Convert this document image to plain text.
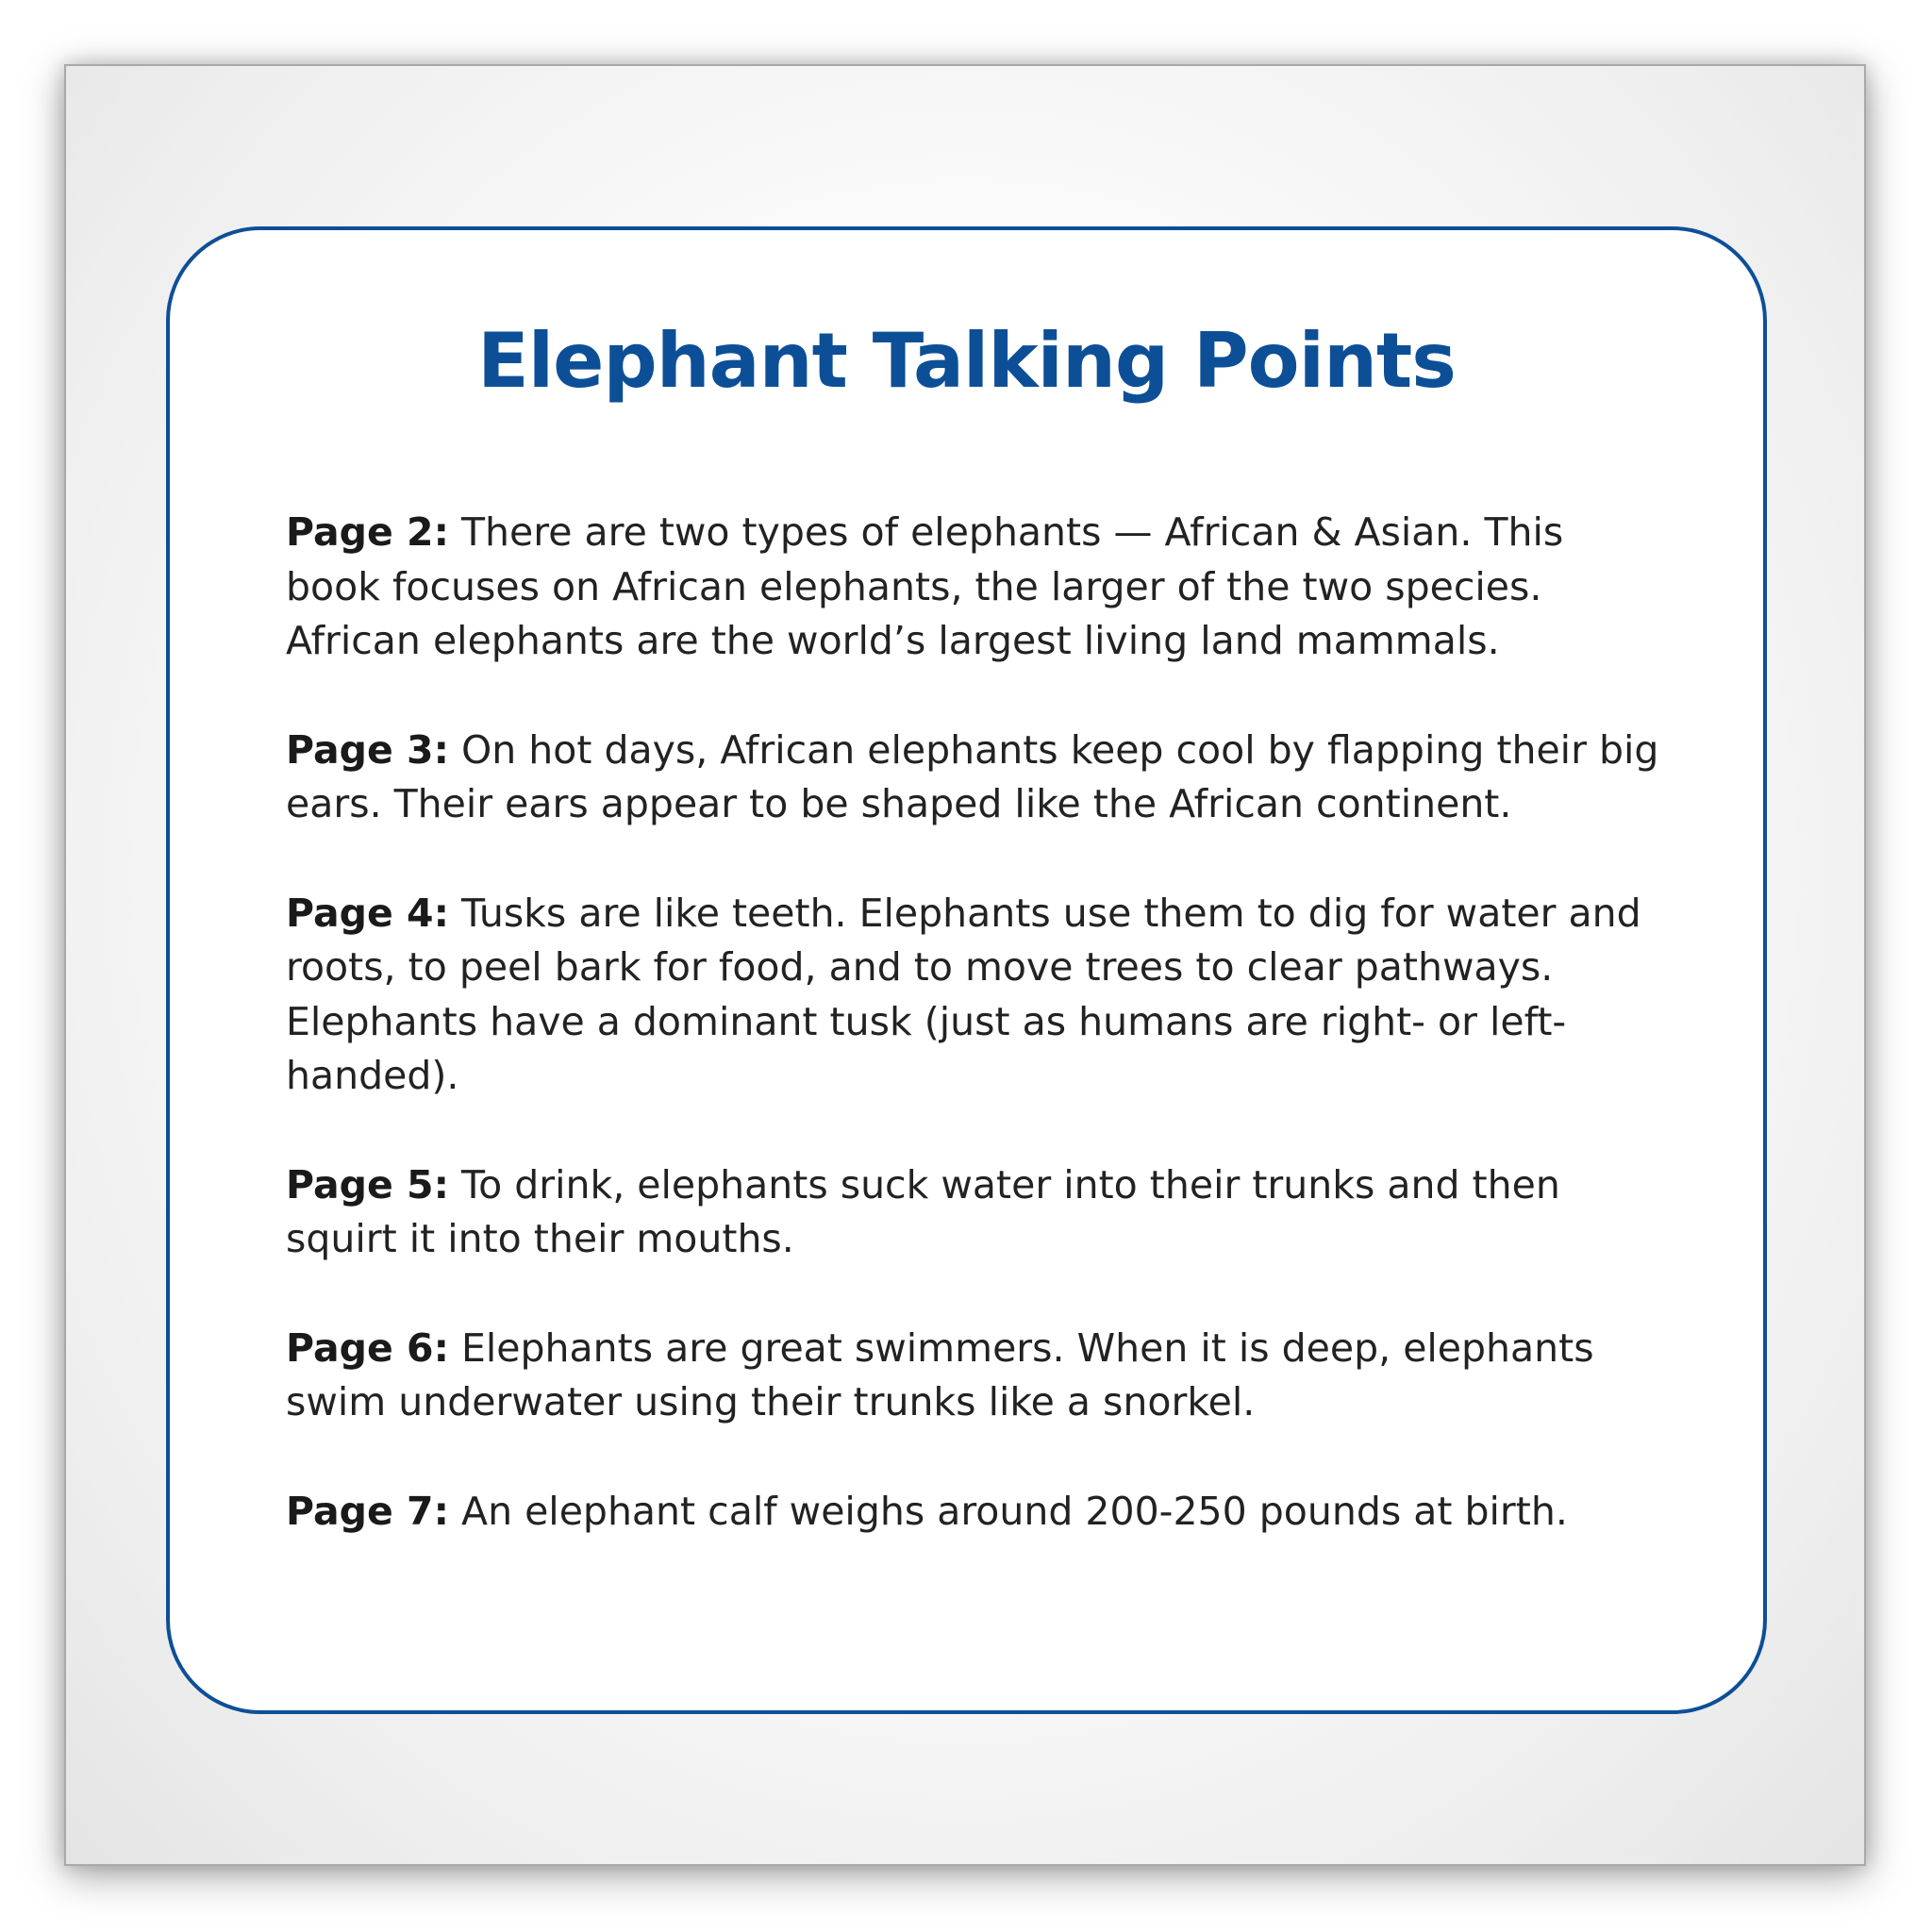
Elephant Talking Points

Page 2: There are two types of elephants — African & Asian. This book focuses on African elephants, the larger of the two species. African elephants are the world’s largest living land mammals.

Page 3: On hot days, African elephants keep cool by flapping their big ears. Their ears appear to be shaped like the African continent.

Page 4: Tusks are like teeth. Elephants use them to dig for water and roots, to peel bark for food, and to move trees to clear pathways. Elephants have a dominant tusk (just as humans are right- or left-handed).

Page 5: To drink, elephants suck water into their trunks and then squirt it into their mouths.

Page 6: Elephants are great swimmers. When it is deep, elephants swim underwater using their trunks like a snorkel.

Page 7: An elephant calf weighs around 200-250 pounds at birth.
